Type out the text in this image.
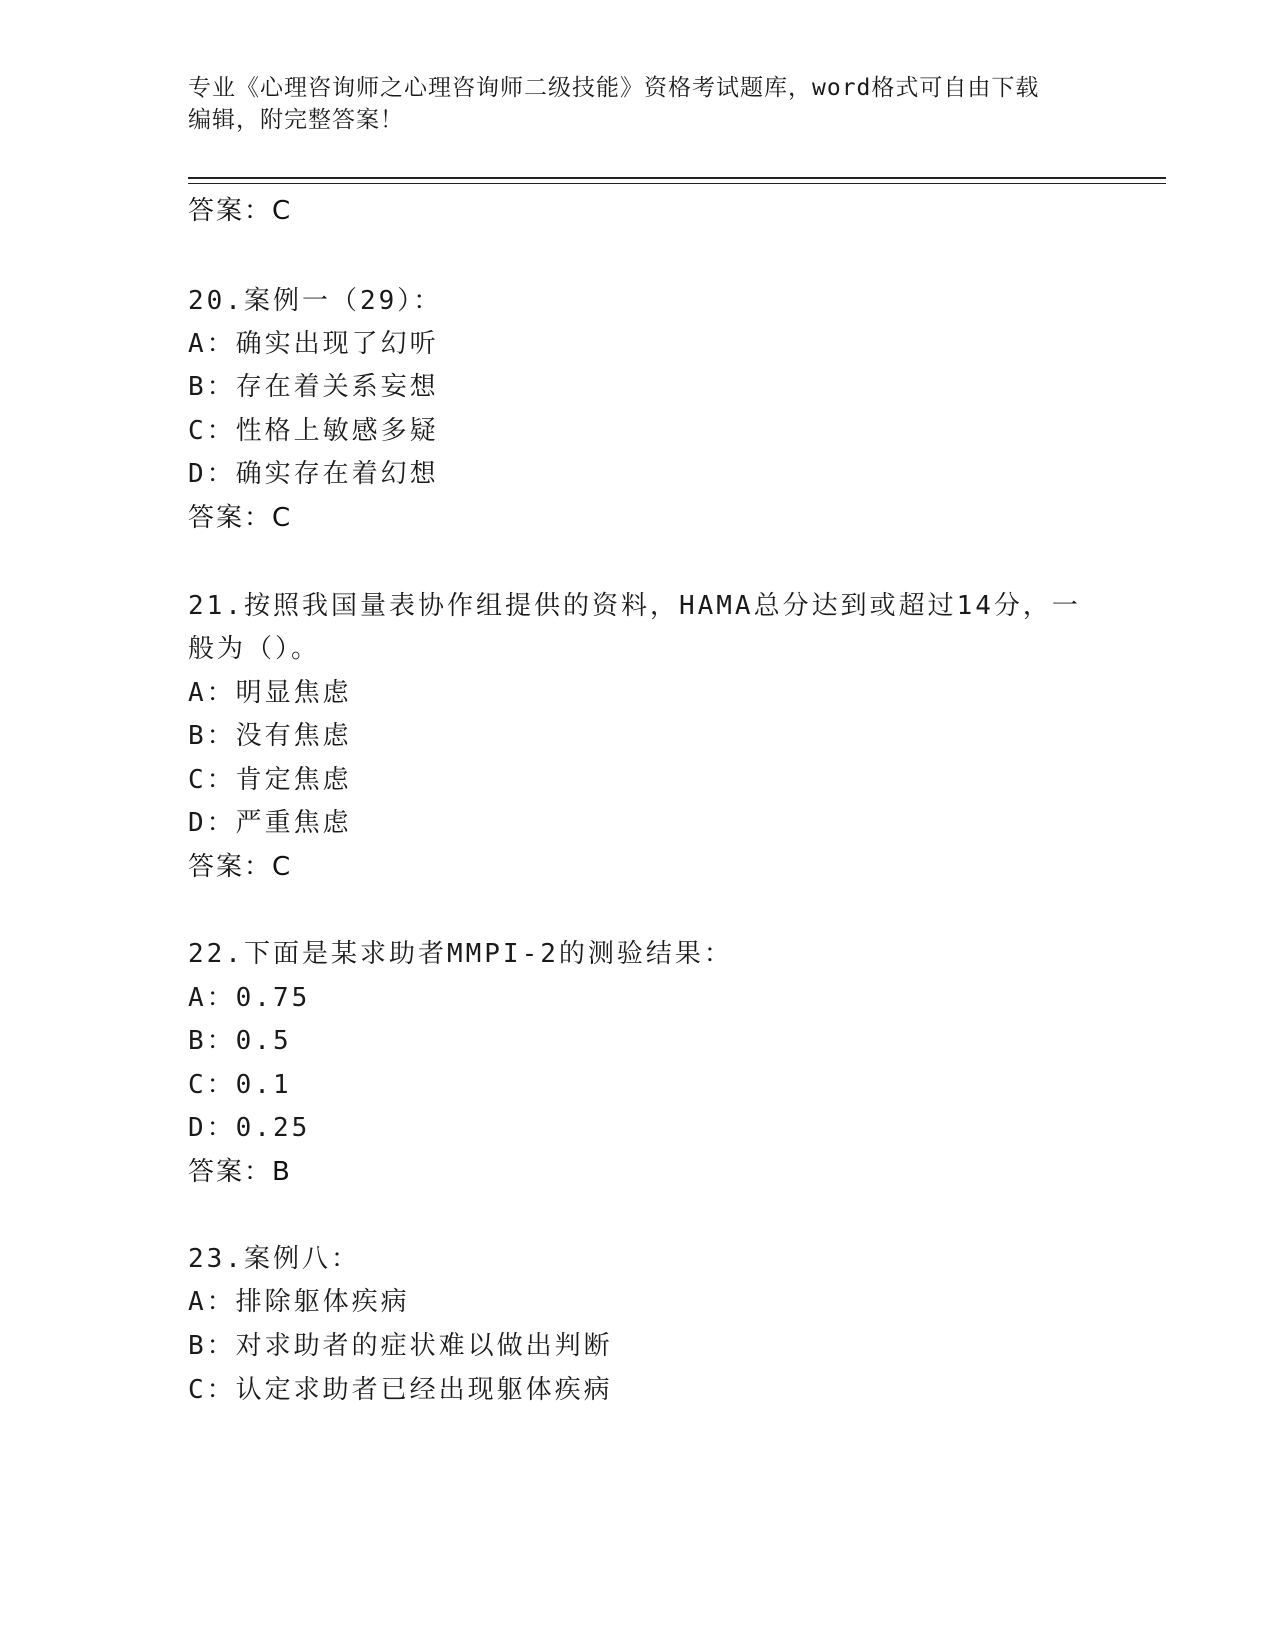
专业《心理咨询师之心理咨询师二级技能》资格考试题库，word格式可自由下载
编辑，附完整答案！
答案：C
20.案例一（29）：
A：确实出现了幻听
B：存在着关系妄想
C：性格上敏感多疑
D：确实存在着幻想
答案：C
21.按照我国量表协作组提供的资料，HAMA总分达到或超过14分，一
般为（）。
A：明显焦虑
B：没有焦虑
C：肯定焦虑
D：严重焦虑
答案：C
22.下面是某求助者MMPI-2的测验结果：
A：0.75
B：0.5
C：0.1
D：0.25
答案：B
23.案例八：
A：排除躯体疾病
B：对求助者的症状难以做出判断
C：认定求助者已经出现躯体疾病
